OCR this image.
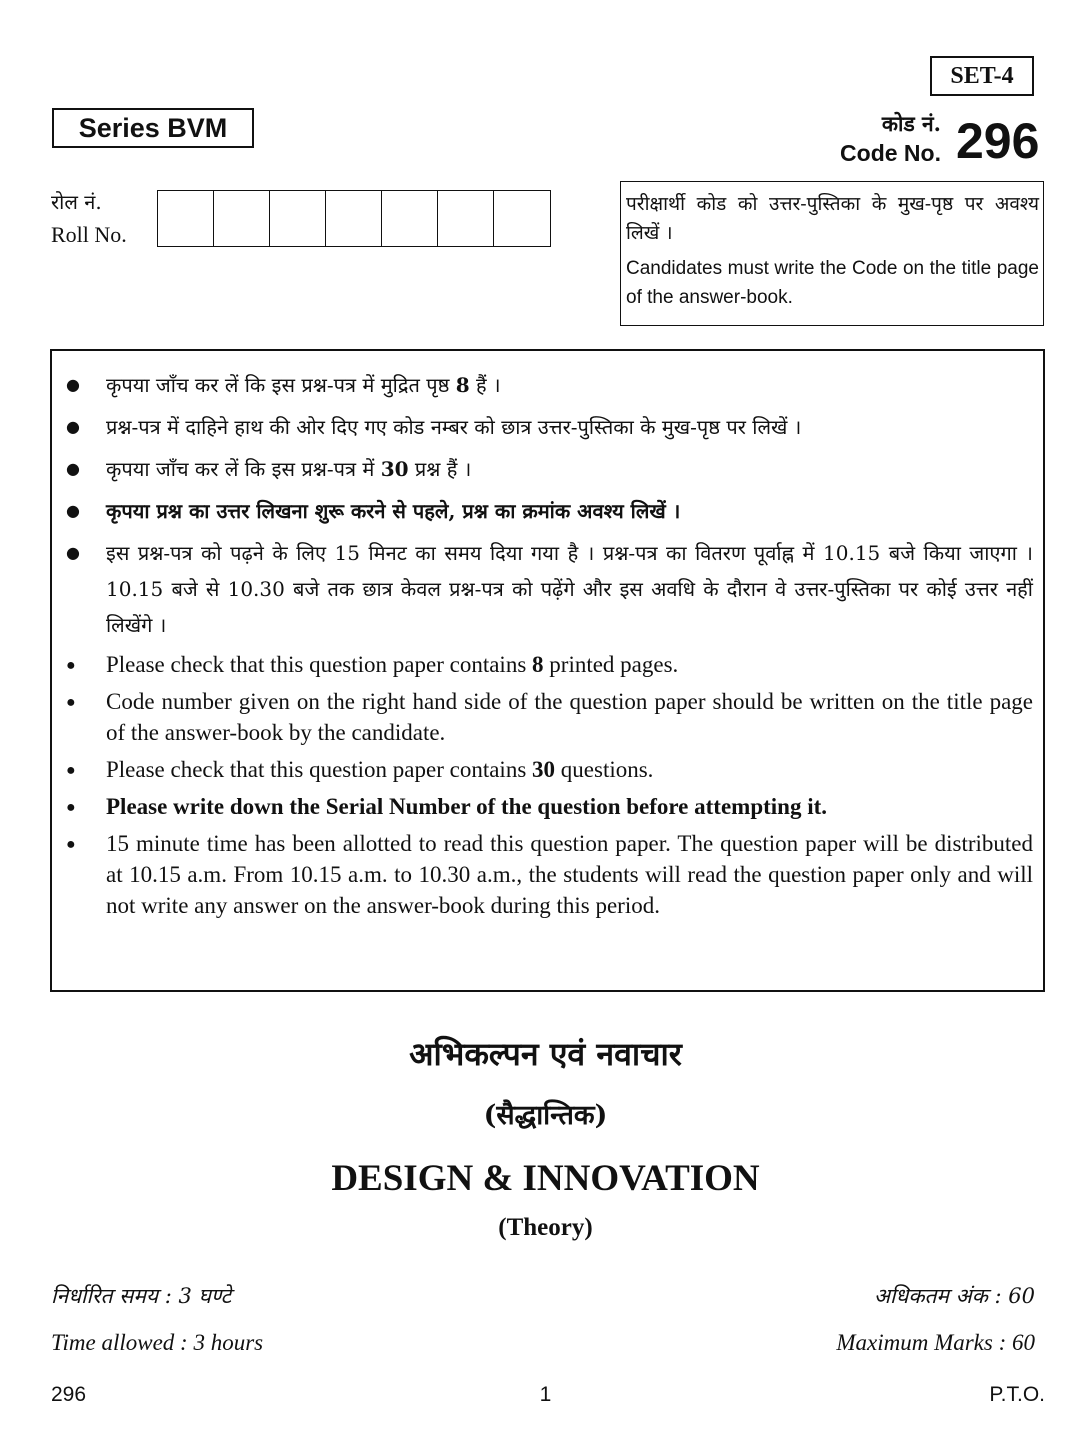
SET-4
Series BVM	कोड नं.
Code No. 296
रोल नं.
Roll No.
परीक्षार्थी कोड को उत्तर-पुस्तिका के मुख-पृष्ठ पर अवश्य लिखें ।
Candidates must write the Code on the title page of the answer-book.
● कृपया जाँच कर लें कि इस प्रश्न-पत्र में मुद्रित पृष्ठ 8 हैं ।
● प्रश्न-पत्र में दाहिने हाथ की ओर दिए गए कोड नम्बर को छात्र उत्तर-पुस्तिका के मुख-पृष्ठ पर लिखें ।
● कृपया जाँच कर लें कि इस प्रश्न-पत्र में 30 प्रश्न हैं ।
● कृपया प्रश्न का उत्तर लिखना शुरू करने से पहले, प्रश्न का क्रमांक अवश्य लिखें ।
● इस प्रश्न-पत्र को पढ़ने के लिए 15 मिनट का समय दिया गया है । प्रश्न-पत्र का वितरण पूर्वाह्न में 10.15 बजे किया जाएगा । 10.15 बजे से 10.30 बजे तक छात्र केवल प्रश्न-पत्र को पढ़ेंगे और इस अवधि के दौरान वे उत्तर-पुस्तिका पर कोई उत्तर नहीं लिखेंगे ।
● Please check that this question paper contains 8 printed pages.
● Code number given on the right hand side of the question paper should be written on the title page of the answer-book by the candidate.
● Please check that this question paper contains 30 questions.
● Please write down the Serial Number of the question before attempting it.
● 15 minute time has been allotted to read this question paper. The question paper will be distributed at 10.15 a.m. From 10.15 a.m. to 10.30 a.m., the students will read the question paper only and will not write any answer on the answer-book during this period.
अभिकल्पन एवं नवाचार
(सैद्धान्तिक)
DESIGN & INNOVATION
(Theory)
निर्धारित समय : 3 घण्टे	अधिकतम अंक : 60
Time allowed : 3 hours	Maximum Marks : 60
296	1	P.T.O.
